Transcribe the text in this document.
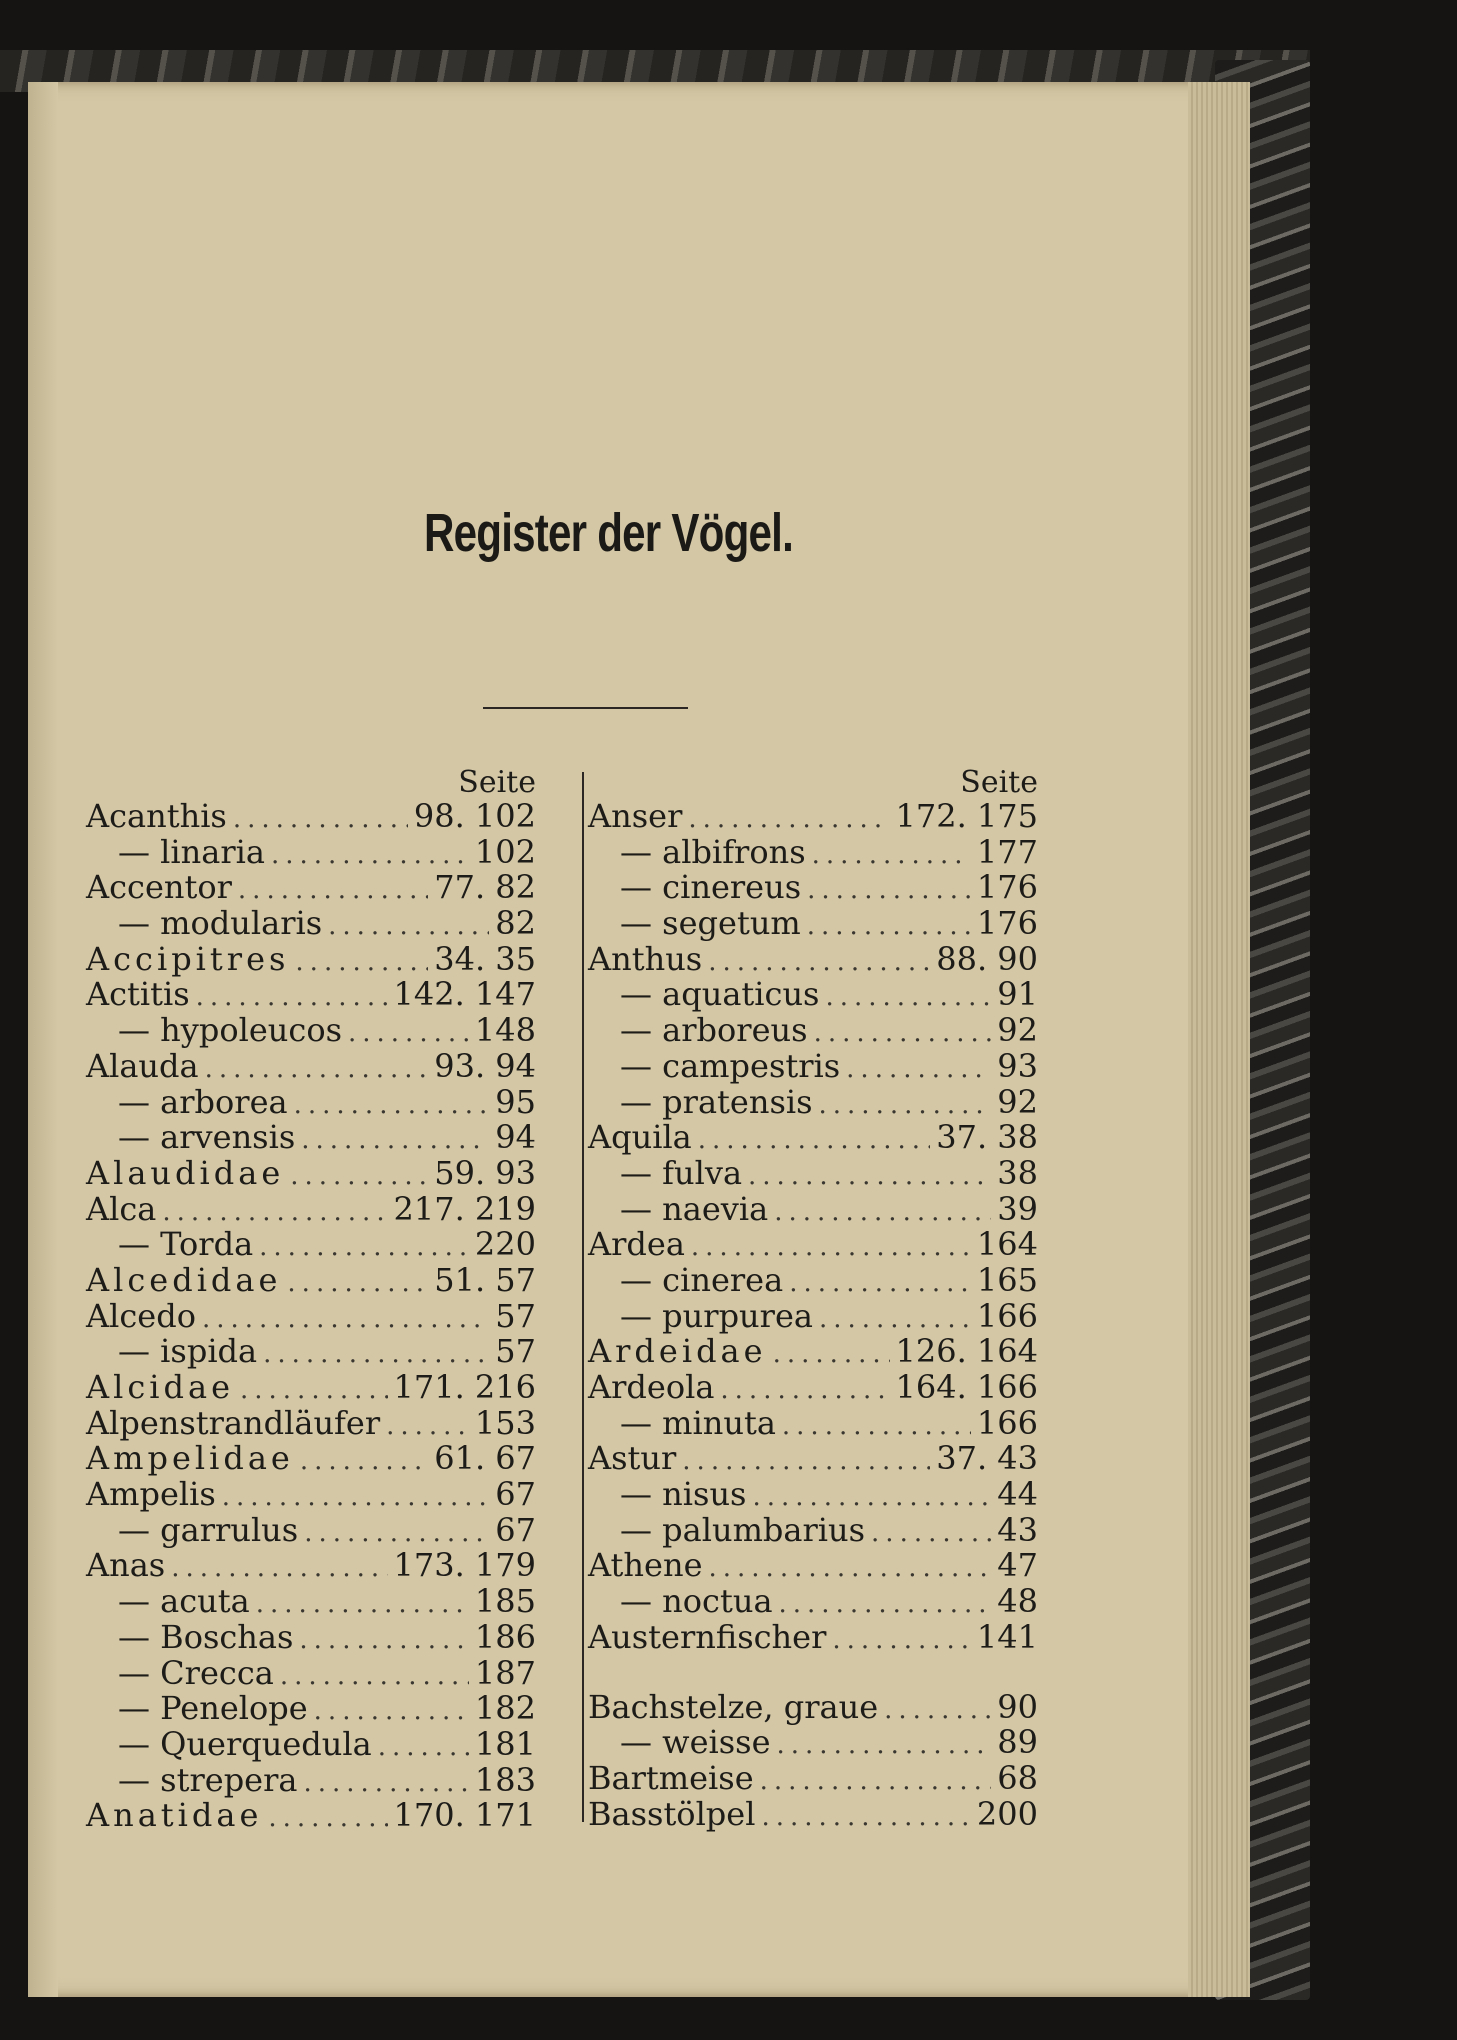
Register der Vögel.
Seite
Acanthis .....	98. 102
— linaria .....	102
Accentor .....	77. 82
— modularis .....	82
Accipitres .....	34. 35
Actitis .....	142. 147
— hypoleucos .....	148
Alauda .....	93. 94
— arborea .....	95
— arvensis .....	94
Alaudidae .....	59. 93
Alca .....	217. 219
— Torda .....	220
Alcedidae .....	51. 57
Alcedo .....	57
— ispida .....	57
Alcidae .....	171. 216
Alpenstrandläufer .....	153
Ampelidae .....	61. 67
Ampelis .....	67
— garrulus .....	67
Anas .....	173. 179
— acuta .....	185
— Boschas .....	186
— Crecca .....	187
— Penelope .....	182
— Querquedula .....	181
— strepera .....	183
Anatidae .....	170. 171
Seite
Anser .....	172. 175
— albifrons .....	177
— cinereus .....	176
— segetum .....	176
Anthus .....	88. 90
— aquaticus .....	91
— arboreus .....	92
— campestris .....	93
— pratensis .....	92
Aquila .....	37. 38
— fulva .....	38
— naevia .....	39
Ardea .....	164
— cinerea .....	165
— purpurea .....	166
Ardeidae .....	126. 164
Ardeola .....	164. 166
— minuta .....	166
Astur .....	37. 43
— nisus .....	44
— palumbarius .....	43
Athene .....	47
— noctua .....	48
Austernfischer .....	141
Bachstelze, graue .....	90
— weisse .....	89
Bartmeise .....	68
Basstölpel .....	200
